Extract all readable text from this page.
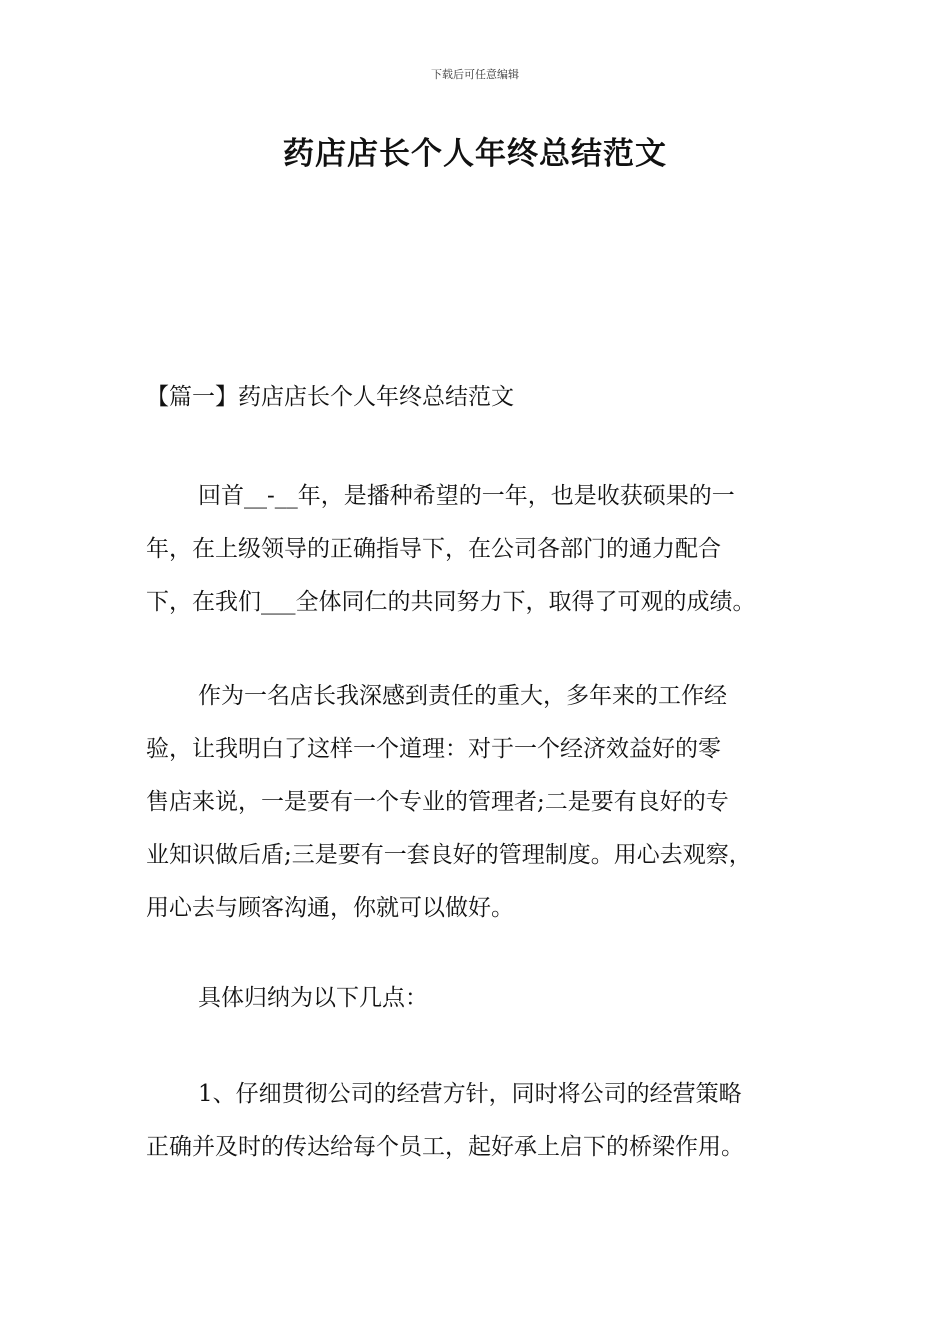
下载后可任意编辑
药店店长个人年终总结范文
【篇一】药店店长个人年终总结范文
回首__-__年，是播种希望的一年，也是收获硕果的一
年，在上级领导的正确指导下，在公司各部门的通力配合
下，在我们___全体同仁的共同努力下，取得了可观的成绩。
作为一名店长我深感到责任的重大，多年来的工作经
验，让我明白了这样一个道理：对于一个经济效益好的零
售店来说，一是要有一个专业的管理者;二是要有良好的专
业知识做后盾;三是要有一套良好的管理制度。用心去观察，
用心去与顾客沟通，你就可以做好。
具体归纳为以下几点：
1、仔细贯彻公司的经营方针，同时将公司的经营策略
正确并及时的传达给每个员工，起好承上启下的桥梁作用。
